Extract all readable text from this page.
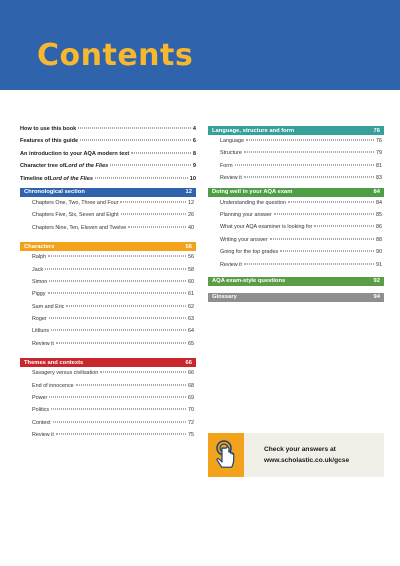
Contents
How to use this book	4
Features of this guide	6
An introduction to your AQA modern text	8
Character tree of Lord of the Flies	9
Timeline of Lord of the Flies	10
Chronological section	12
Chapters One, Two, Three and Four	12
Chapters Five, Six, Seven and Eight	26
Chapters Nine, Ten, Eleven and Twelve	40
Characters	56
Ralph	56
Jack	58
Simon	60
Piggy	61
Sam and Eric	62
Roger	63
Littluns	64
Review it	65
Themes and contexts	66
Savagery versus civilisation	66
End of innocence	68
Power	69
Politics	70
Context	72
Review it	75
Language, structure and form	76
Language	76
Structure	79
Form	81
Review it	83
Doing well in your AQA exam	84
Understanding the question	84
Planning your answer	85
What your AQA examiner is looking for	86
Writing your answer	88
Going for the top grades	90
Review it	91
AQA exam-style questions	92
Glossary	94
Check your answers at
www.scholastic.co.uk/gcse
